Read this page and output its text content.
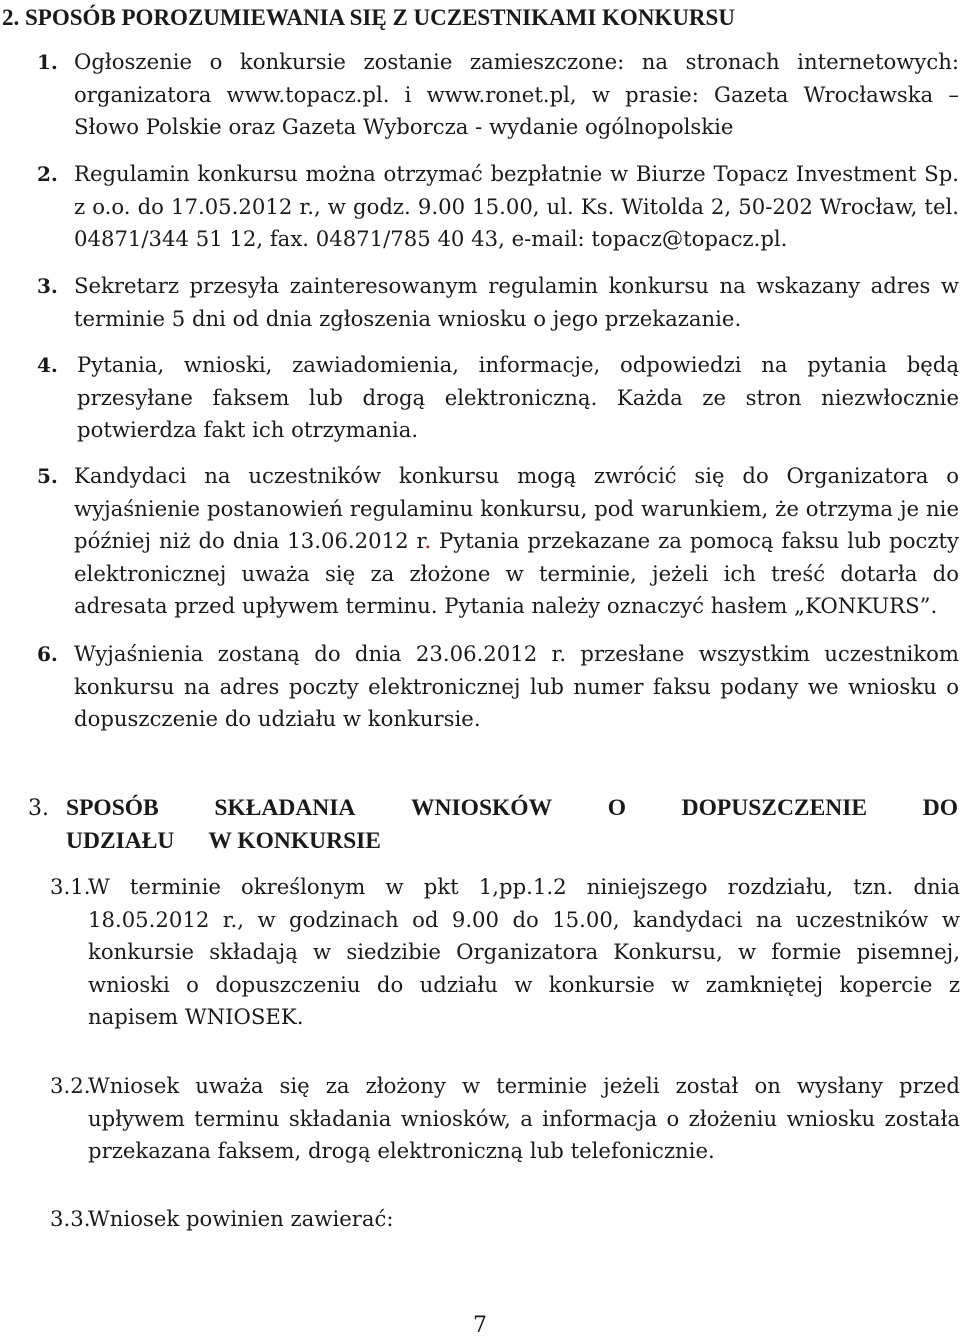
2. SPOSÓB POROZUMIEWANIA SIĘ Z UCZESTNIKAMI KONKURSU
1. Ogłoszenie o konkursie zostanie zamieszczone: na stronach internetowych: organizatora www.topacz.pl. i www.ronet.pl, w prasie: Gazeta Wrocławska – Słowo Polskie oraz Gazeta Wyborcza - wydanie ogólnopolskie
2. Regulamin konkursu można otrzymać bezpłatnie w Biurze Topacz Investment Sp. z o.o. do 17.05.2012 r., w godz. 9.00 15.00, ul. Ks. Witolda 2, 50-202 Wrocław, tel. 04871/344 51 12, fax. 04871/785 40 43, e-mail: topacz@topacz.pl.
3. Sekretarz przesyła zainteresowanym regulamin konkursu na wskazany adres w terminie 5 dni od dnia zgłoszenia wniosku o jego przekazanie.
4. Pytania, wnioski, zawiadomienia, informacje, odpowiedzi na pytania będą przesyłane faksem lub drogą elektroniczną. Każda ze stron niezwłocznie potwierdza fakt ich otrzymania.
5. Kandydaci na uczestników konkursu mogą zwrócić się do Organizatora o wyjaśnienie postanowień regulaminu konkursu, pod warunkiem, że otrzyma je nie później niż do dnia 13.06.2012 r. Pytania przekazane za pomocą faksu lub poczty elektronicznej uważa się za złożone w terminie, jeżeli ich treść dotarła do adresata przed upływem terminu. Pytania należy oznaczyć hasłem „KONKURS”.
6. Wyjaśnienia zostaną do dnia 23.06.2012 r. przesłane wszystkim uczestnikom konkursu na adres poczty elektronicznej lub numer faksu podany we wniosku o dopuszczenie do udziału w konkursie.
3. SPOSÓB SKŁADANIA WNIOSKÓW O DOPUSZCZENIE DO
UDZIAŁU W KONKURSIE
3.1.
W terminie określonym w pkt 1,pp.1.2 niniejszego rozdziału, tzn. dnia 18.05.2012 r., w godzinach od 9.00 do 15.00, kandydaci na uczestników w konkursie składają w siedzibie Organizatora Konkursu, w formie pisemnej, wnioski o dopuszczeniu do udziału w konkursie w zamkniętej kopercie z napisem WNIOSEK.
3.2.
Wniosek uważa się za złożony w terminie jeżeli został on wysłany przed upływem terminu składania wniosków, a informacja o złożeniu wniosku została przekazana faksem, drogą elektroniczną lub telefonicznie.
3.3.
Wniosek powinien zawierać:
7
